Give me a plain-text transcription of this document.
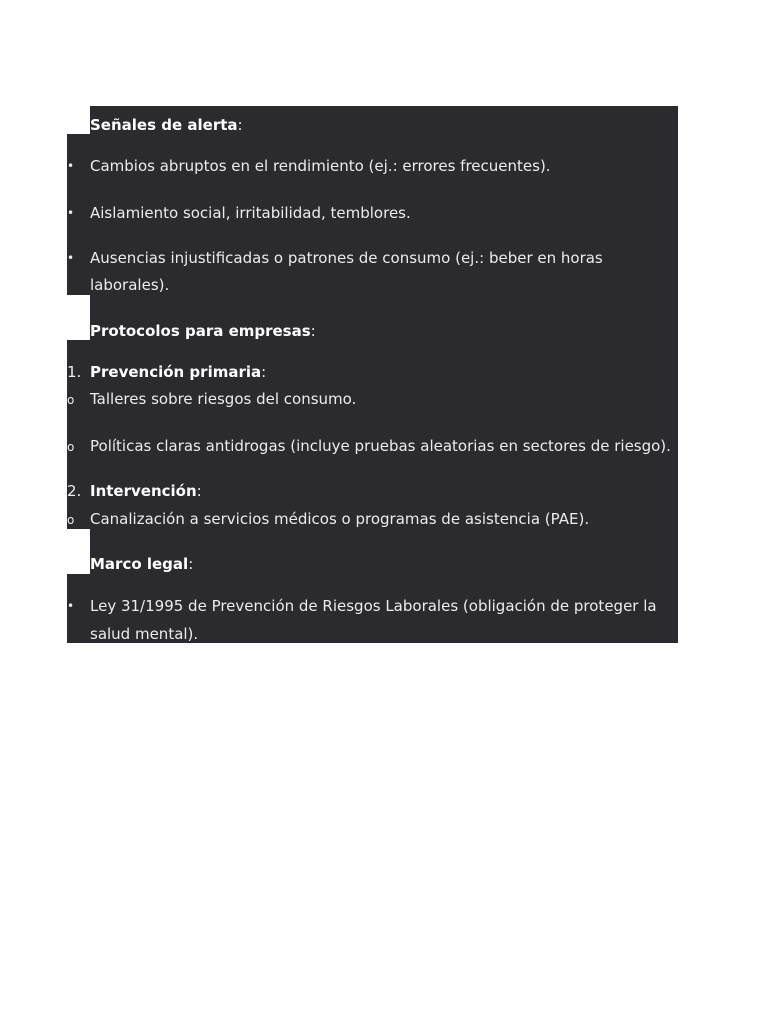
Señales de alerta:
•	Cambios abruptos en el rendimiento (ej.: errores frecuentes).
•	Aislamiento social, irritabilidad, temblores.
•	Ausencias injustificadas o patrones de consumo (ej.: beber en horas
laborales).
Protocolos para empresas:
1. Prevención primaria:
o	Talleres sobre riesgos del consumo.
o	Políticas claras antidrogas (incluye pruebas aleatorias en sectores de riesgo).
2. Intervención:
o	Canalización a servicios médicos o programas de asistencia (PAE).
Marco legal:
•	Ley 31/1995 de Prevención de Riesgos Laborales (obligación de proteger la
salud mental).
